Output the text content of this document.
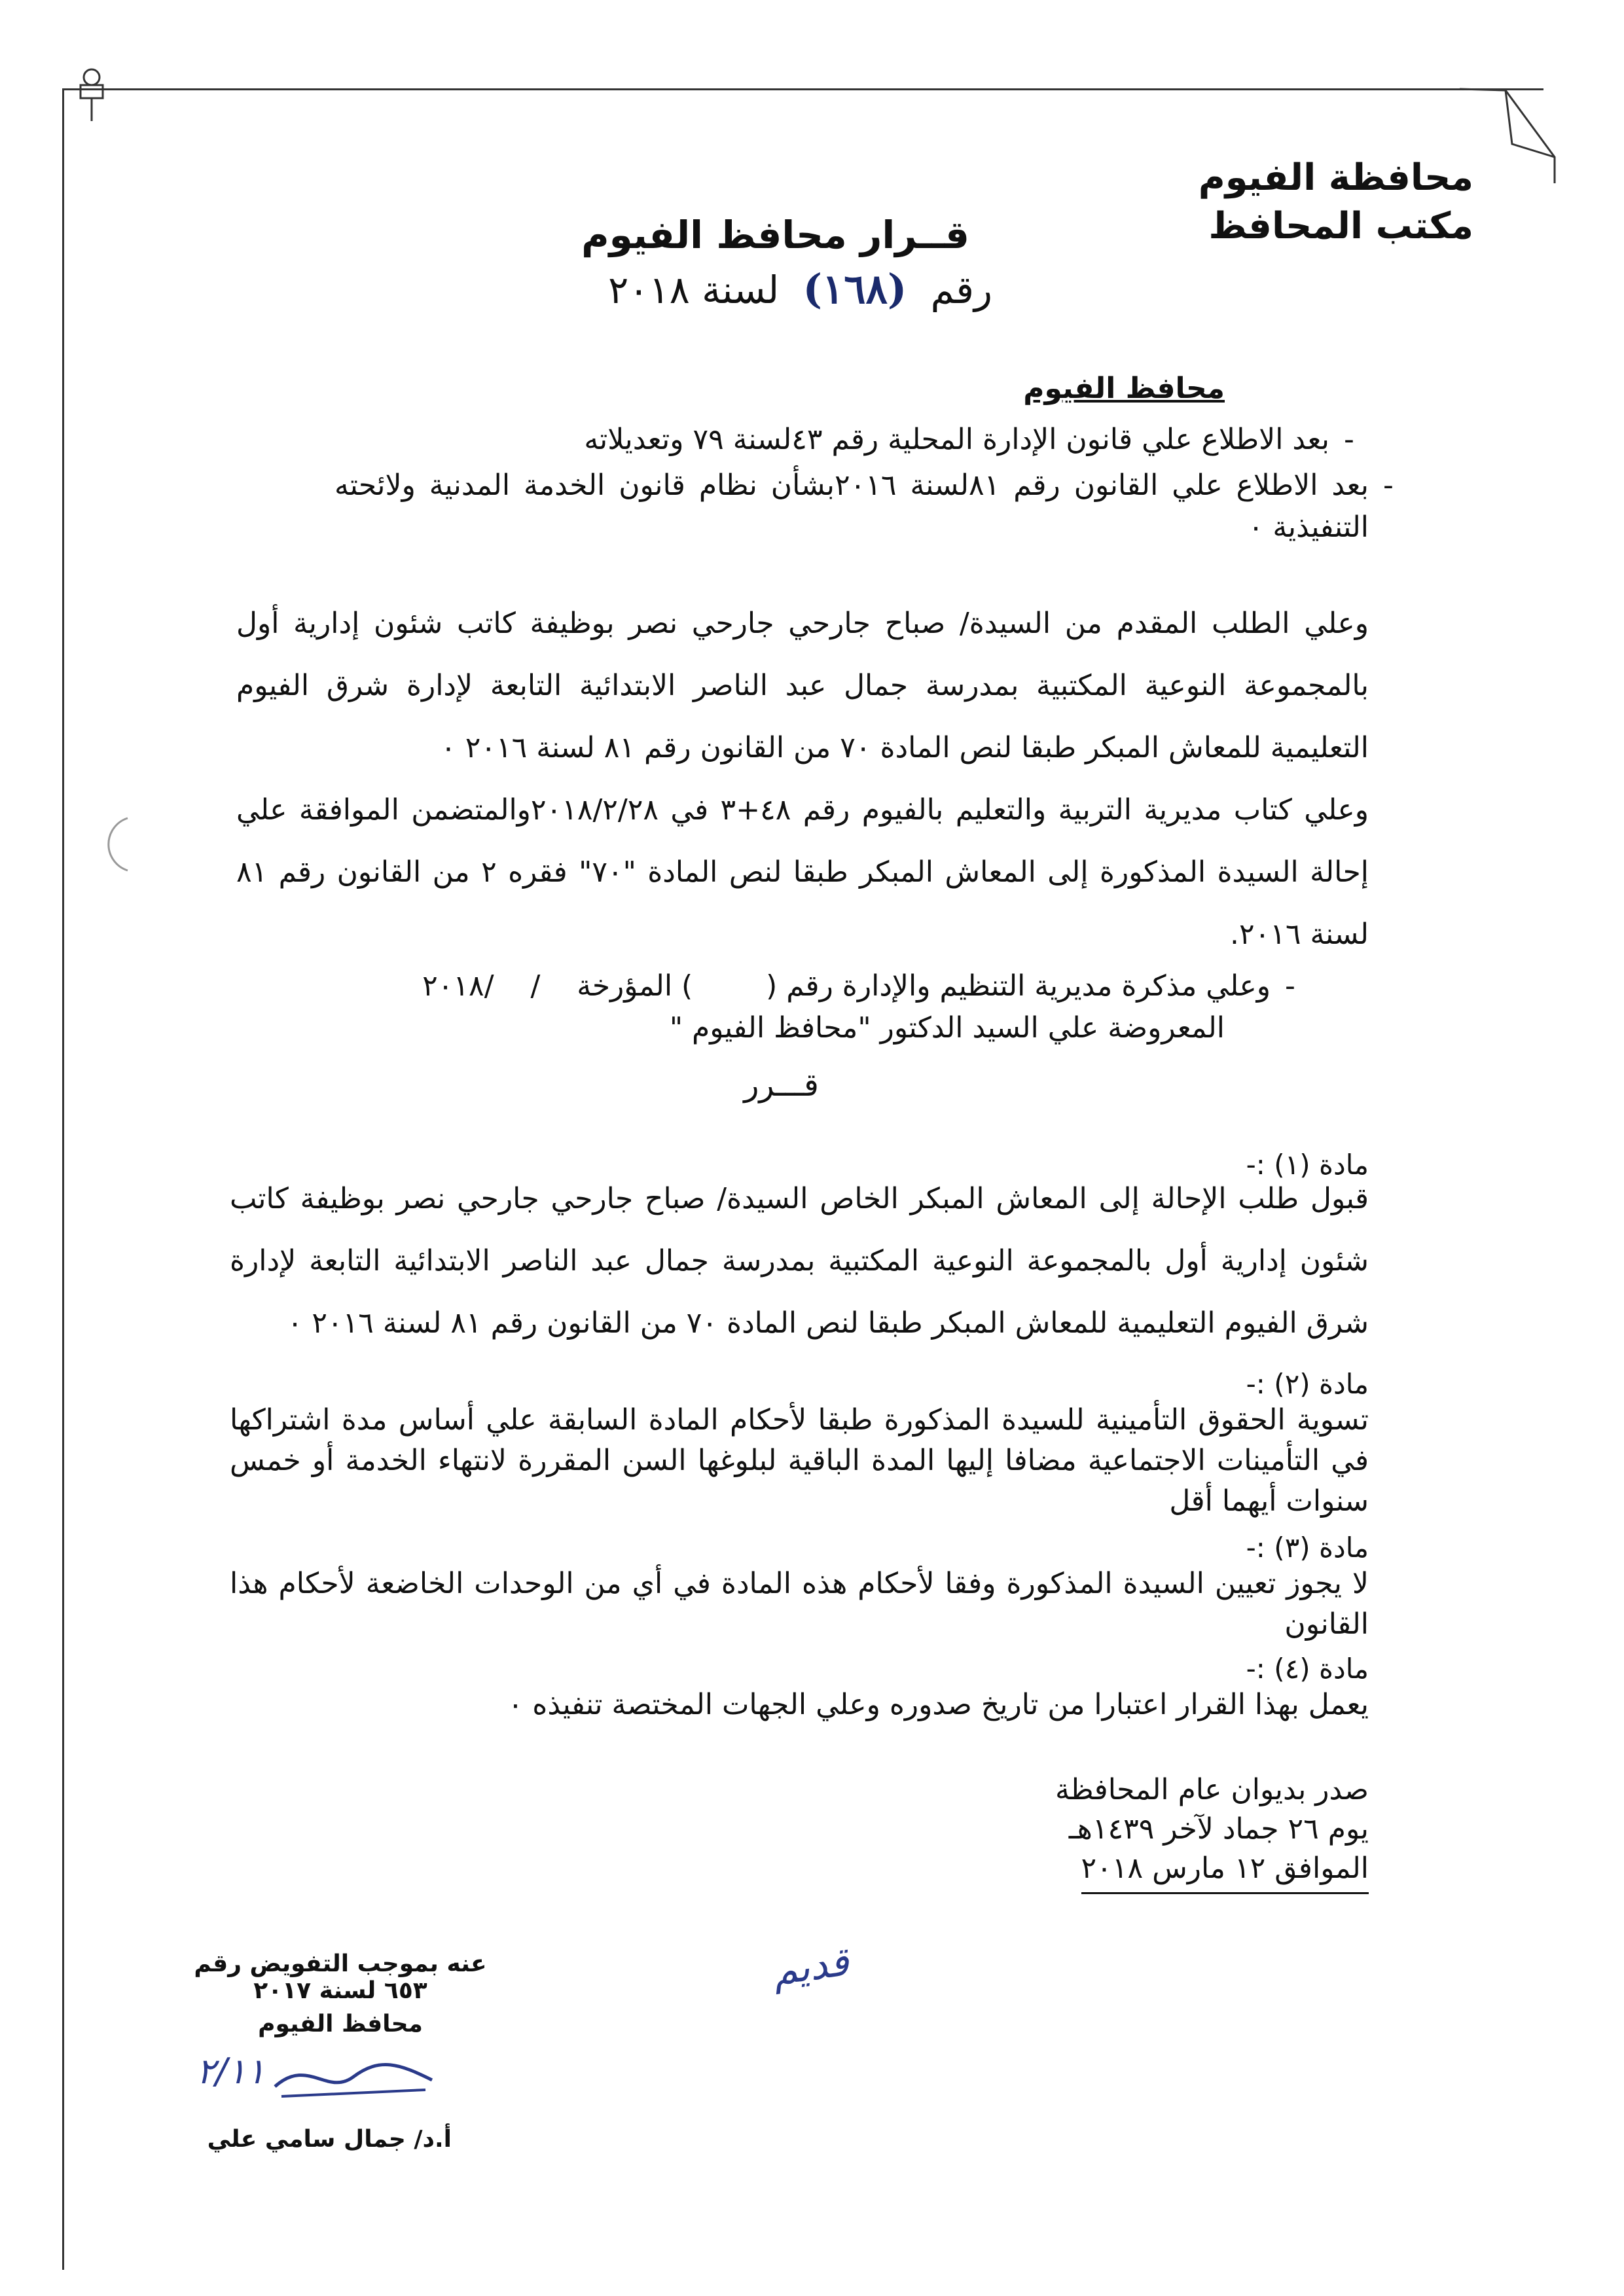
محافظة الفيوم
مكتب المحافظ
قــرار محافظ الفيوم
رقم (١٦٨) لسنة ٢٠١٨
محافظ الفيوم
-
بعد الاطلاع علي قانون الإدارة المحلية رقم ٤٣لسنة ٧٩ وتعديلاته
-
بعد الاطلاع علي القانون رقم ٨١لسنة ٢٠١٦بشأن نظام قانون الخدمة المدنية ولائحته التنفيذية ٠
وعلي الطلب المقدم من السيدة/ صباح جارحي جارحي نصر بوظيفة كاتب شئون إدارية أول بالمجموعة النوعية المكتبية بمدرسة جمال عبد الناصر الابتدائية التابعة لإدارة شرق الفيوم التعليمية للمعاش المبكر طبقا لنص المادة ٧٠ من القانون رقم ٨١ لسنة ٢٠١٦ ٠
وعلي كتاب مديرية التربية والتعليم بالفيوم رقم ٤٨+٣ في ٢٠١٨/٢/٢٨والمتضمن الموافقة علي إحالة السيدة المذكورة إلى المعاش المبكر طبقا لنص المادة "٧٠" فقره ٢ من القانون رقم ٨١ لسنة ٢٠١٦.
-
وعلي مذكرة مديرية التنظيم والإدارة رقم (        ) المؤرخة    /    /٢٠١٨
المعروضة علي السيد الدكتور "محافظ الفيوم "
قـــرر
مادة (١) :-
قبول طلب الإحالة إلى المعاش المبكر الخاص السيدة/ صباح جارحي جارحي نصر بوظيفة كاتب شئون إدارية أول بالمجموعة النوعية المكتبية بمدرسة جمال عبد الناصر الابتدائية التابعة لإدارة شرق الفيوم التعليمية للمعاش المبكر طبقا لنص المادة ٧٠ من القانون رقم ٨١ لسنة ٢٠١٦ ٠
مادة (٢) :-
تسوية الحقوق التأمينية للسيدة المذكورة طبقا لأحكام المادة السابقة علي أساس مدة اشتراكها في التأمينات الاجتماعية مضافا إليها المدة الباقية لبلوغها السن المقررة لانتهاء الخدمة أو خمس سنوات أيهما أقل
مادة (٣) :-
لا يجوز تعيين السيدة المذكورة وفقا لأحكام هذه المادة في أي من الوحدات الخاضعة لأحكام هذا القانون
مادة (٤) :-
يعمل بهذا القرار اعتبارا من تاريخ صدوره وعلي الجهات المختصة تنفيذه ٠
صدر بديوان عام المحافظة
يوم ٢٦ جماد لآخر ١٤٣٩هـ
الموافق ١٢ مارس ٢٠١٨
قديم
عنه بموجب التفويض رقم ٦٥٣ لسنة ٢٠١٧
محافظ الفيوم
٢/١١
أ.د/ جمال سامي علي
